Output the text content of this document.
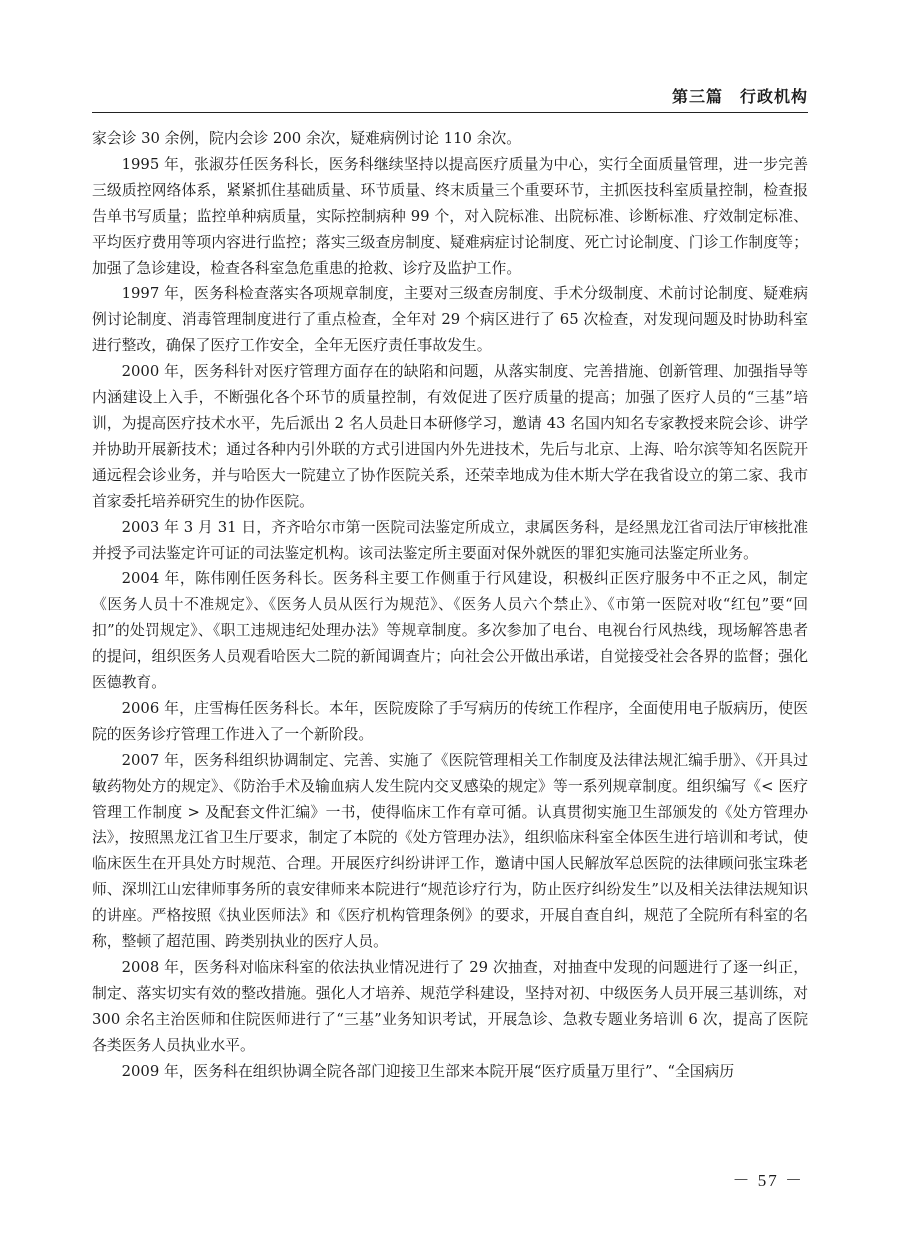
第三篇　行政机构

家会诊 30 余例，院内会诊 200 余次，疑难病例讨论 110 余次。

1995 年，张淑芬任医务科长，医务科继续坚持以提高医疗质量为中心，实行全面质量管理，进一步完善三级质控网络体系，紧紧抓住基础质量、环节质量、终末质量三个重要环节，主抓医技科室质量控制，检查报告单书写质量；监控单种病质量，实际控制病种 99 个，对入院标准、出院标准、诊断标准、疗效制定标准、平均医疗费用等项内容进行监控；落实三级查房制度、疑难病症讨论制度、死亡讨论制度、门诊工作制度等；加强了急诊建设，检查各科室急危重患的抢救、诊疗及监护工作。

1997 年，医务科检查落实各项规章制度，主要对三级查房制度、手术分级制度、术前讨论制度、疑难病例讨论制度、消毒管理制度进行了重点检查，全年对 29 个病区进行了 65 次检查，对发现问题及时协助科室进行整改，确保了医疗工作安全，全年无医疗责任事故发生。

2000 年，医务科针对医疗管理方面存在的缺陷和问题，从落实制度、完善措施、创新管理、加强指导等内涵建设上入手，不断强化各个环节的质量控制，有效促进了医疗质量的提高；加强了医疗人员的“三基”培训，为提高医疗技术水平，先后派出 2 名人员赴日本研修学习，邀请 43 名国内知名专家教授来院会诊、讲学并协助开展新技术；通过各种内引外联的方式引进国内外先进技术，先后与北京、上海、哈尔滨等知名医院开通远程会诊业务，并与哈医大一院建立了协作医院关系，还荣幸地成为佳木斯大学在我省设立的第二家、我市首家委托培养研究生的协作医院。

2003 年 3 月 31 日，齐齐哈尔市第一医院司法鉴定所成立，隶属医务科，是经黑龙江省司法厅审核批准并授予司法鉴定许可证的司法鉴定机构。该司法鉴定所主要面对保外就医的罪犯实施司法鉴定所业务。

2004 年，陈伟刚任医务科长。医务科主要工作侧重于行风建设，积极纠正医疗服务中不正之风，制定《医务人员十不准规定》、《医务人员从医行为规范》、《医务人员六个禁止》、《市第一医院对收“红包”要“回扣”的处罚规定》、《职工违规违纪处理办法》等规章制度。多次参加了电台、电视台行风热线，现场解答患者的提问，组织医务人员观看哈医大二院的新闻调查片；向社会公开做出承诺，自觉接受社会各界的监督；强化医德教育。

2006 年，庄雪梅任医务科长。本年，医院废除了手写病历的传统工作程序，全面使用电子版病历，使医院的医务诊疗管理工作进入了一个新阶段。

2007 年，医务科组织协调制定、完善、实施了《医院管理相关工作制度及法律法规汇编手册》、《开具过敏药物处方的规定》、《防治手术及输血病人发生院内交叉感染的规定》等一系列规章制度。组织编写《< 医疗管理工作制度 > 及配套文件汇编》一书，使得临床工作有章可循。认真贯彻实施卫生部颁发的《处方管理办法》，按照黑龙江省卫生厅要求，制定了本院的《处方管理办法》，组织临床科室全体医生进行培训和考试，使临床医生在开具处方时规范、合理。开展医疗纠纷讲评工作，邀请中国人民解放军总医院的法律顾问张宝珠老师、深圳江山宏律师事务所的袁安律师来本院进行“规范诊疗行为，防止医疗纠纷发生”以及相关法律法规知识的讲座。严格按照《执业医师法》和《医疗机构管理条例》的要求，开展自查自纠，规范了全院所有科室的名称，整顿了超范围、跨类别执业的医疗人员。

2008 年，医务科对临床科室的依法执业情况进行了 29 次抽查，对抽查中发现的问题进行了逐一纠正，制定、落实切实有效的整改措施。强化人才培养、规范学科建设，坚持对初、中级医务人员开展三基训练，对 300 余名主治医师和住院医师进行了“三基”业务知识考试，开展急诊、急救专题业务培训 6 次，提高了医院各类医务人员执业水平。

2009 年，医务科在组织协调全院各部门迎接卫生部来本院开展“医疗质量万里行”、“全国病历

－ 57 －
